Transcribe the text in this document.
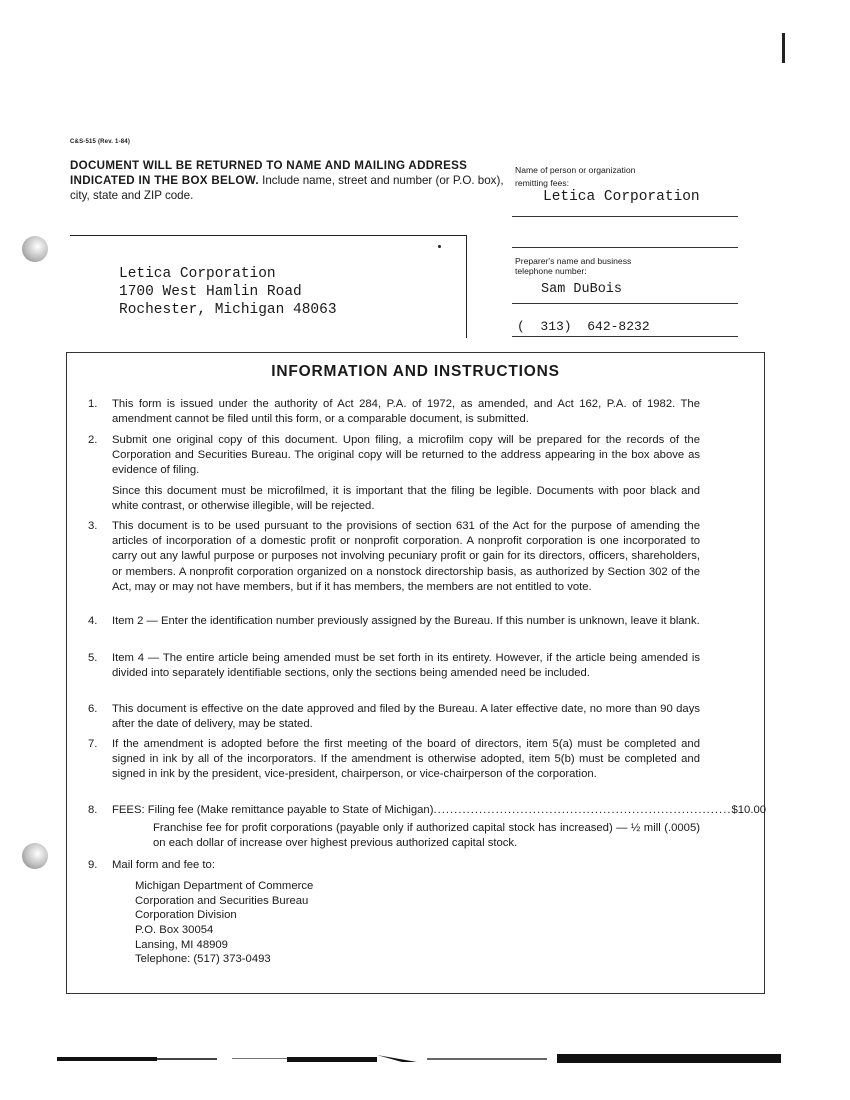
C&S-515 (Rev. 1-84)
DOCUMENT WILL BE RETURNED TO NAME AND MAILING ADDRESS INDICATED IN THE BOX BELOW. Include name, street and number (or P.O. box), city, state and ZIP code.
Name of person or organization
remitting fees:
Letica Corporation
Letica Corporation
1700 West Hamlin Road
Rochester, Michigan 48063
Preparer's name and business
telephone number:
Sam DuBois
(  313)  642-8232
INFORMATION AND INSTRUCTIONS
1.	This form is issued under the authority of Act 284, P.A. of 1972, as amended, and Act 162, P.A. of 1982. The amendment cannot be filed until this form, or a comparable document, is submitted.
2.	Submit one original copy of this document. Upon filing, a microfilm copy will be prepared for the records of the Corporation and Securities Bureau. The original copy will be returned to the address appearing in the box above as evidence of filing.
Since this document must be microfilmed, it is important that the filing be legible. Documents with poor black and white contrast, or otherwise illegible, will be rejected.
3.	This document is to be used pursuant to the provisions of section 631 of the Act for the purpose of amending the articles of incorporation of a domestic profit or nonprofit corporation. A nonprofit corporation is one incorporated to carry out any lawful purpose or purposes not involving pecuniary profit or gain for its directors, officers, shareholders, or members. A nonprofit corporation organized on a nonstock directorship basis, as authorized by Section 302 of the Act, may or may not have members, but if it has members, the members are not entitled to vote.
4.	Item 2 — Enter the identification number previously assigned by the Bureau. If this number is unknown, leave it blank.
5.	Item 4 — The entire article being amended must be set forth in its entirety. However, if the article being amended is divided into separately identifiable sections, only the sections being amended need be included.
6.	This document is effective on the date approved and filed by the Bureau. A later effective date, no more than 90 days after the date of delivery, may be stated.
7.	If the amendment is adopted before the first meeting of the board of directors, item 5(a) must be completed and signed in ink by all of the incorporators. If the amendment is otherwise adopted, item 5(b) must be completed and signed in ink by the president, vice-president, chairperson, or vice-chairperson of the corporation.
8.	FEES: Filing fee (Make remittance payable to State of Michigan) ........................................................................ $10.00
Franchise fee for profit corporations (payable only if authorized capital stock has increased) — ½ mill (.0005) on each dollar of increase over highest previous authorized capital stock.
9.	Mail form and fee to:
Michigan Department of Commerce
Corporation and Securities Bureau
Corporation Division
P.O. Box 30054
Lansing, MI 48909
Telephone: (517) 373-0493
